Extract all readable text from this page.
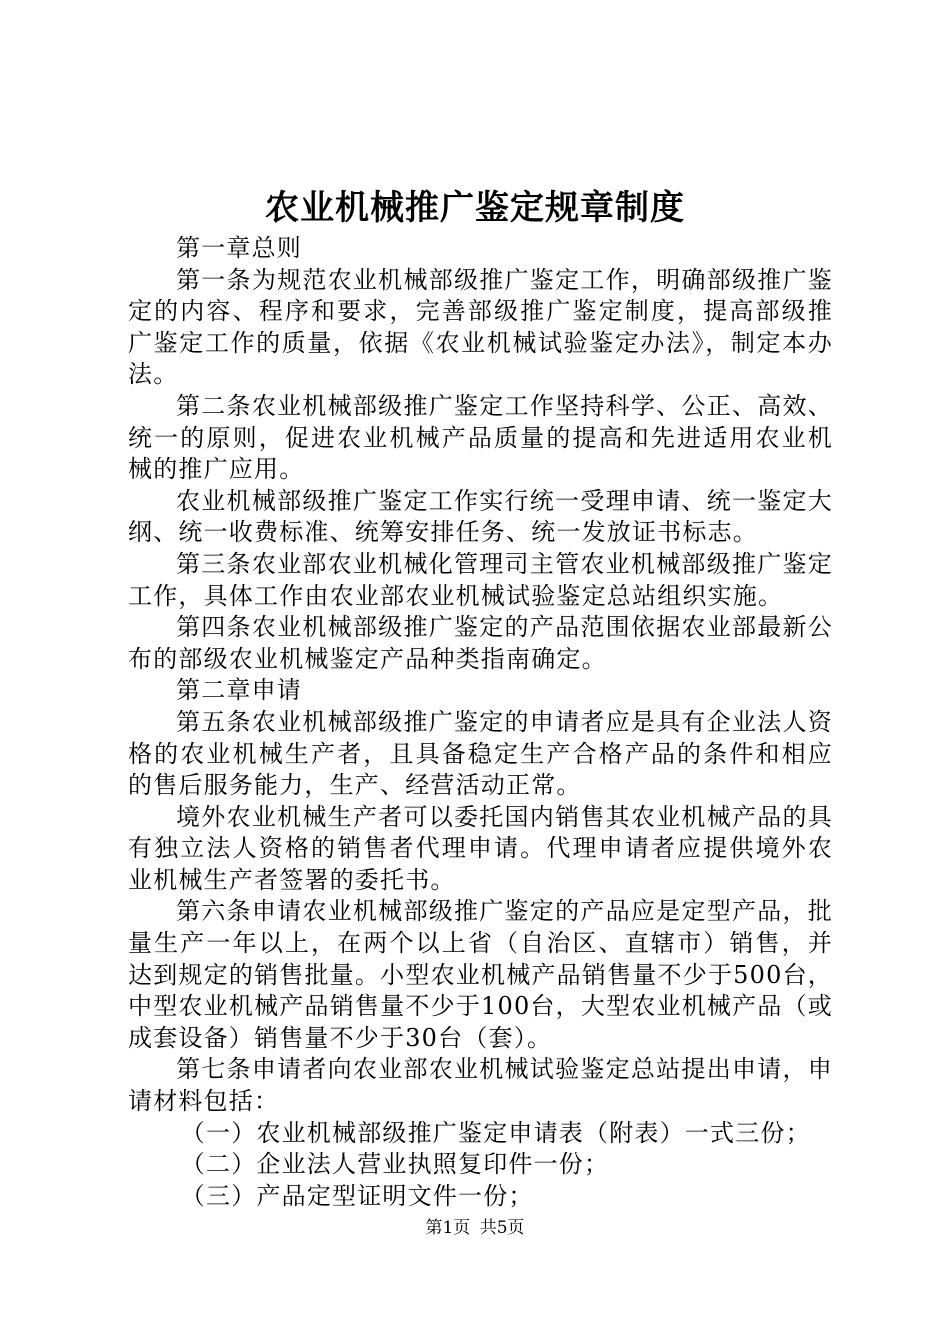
农业机械推广鉴定规章制度

第一章总则

第一条为规范农业机械部级推广鉴定工作，明确部级推广鉴定的内容、程序和要求，完善部级推广鉴定制度，提高部级推广鉴定工作的质量，依据《农业机械试验鉴定办法》，制定本办法。

第二条农业机械部级推广鉴定工作坚持科学、公正、高效、统一的原则，促进农业机械产品质量的提高和先进适用农业机械的推广应用。

农业机械部级推广鉴定工作实行统一受理申请、统一鉴定大纲、统一收费标准、统筹安排任务、统一发放证书标志。

第三条农业部农业机械化管理司主管农业机械部级推广鉴定工作，具体工作由农业部农业机械试验鉴定总站组织实施。

第四条农业机械部级推广鉴定的产品范围依据农业部最新公布的部级农业机械鉴定产品种类指南确定。

第二章申请

第五条农业机械部级推广鉴定的申请者应是具有企业法人资格的农业机械生产者，且具备稳定生产合格产品的条件和相应的售后服务能力，生产、经营活动正常。

境外农业机械生产者可以委托国内销售其农业机械产品的具有独立法人资格的销售者代理申请。代理申请者应提供境外农业机械生产者签署的委托书。

第六条申请农业机械部级推广鉴定的产品应是定型产品，批量生产一年以上，在两个以上省（自治区、直辖市）销售，并达到规定的销售批量。小型农业机械产品销售量不少于500台，中型农业机械产品销售量不少于100台，大型农业机械产品（或成套设备）销售量不少于30台（套）。

第七条申请者向农业部农业机械试验鉴定总站提出申请，申请材料包括：

（一）农业机械部级推广鉴定申请表（附表）一式三份；

（二）企业法人营业执照复印件一份；

（三）产品定型证明文件一份；

第1页 共5页
